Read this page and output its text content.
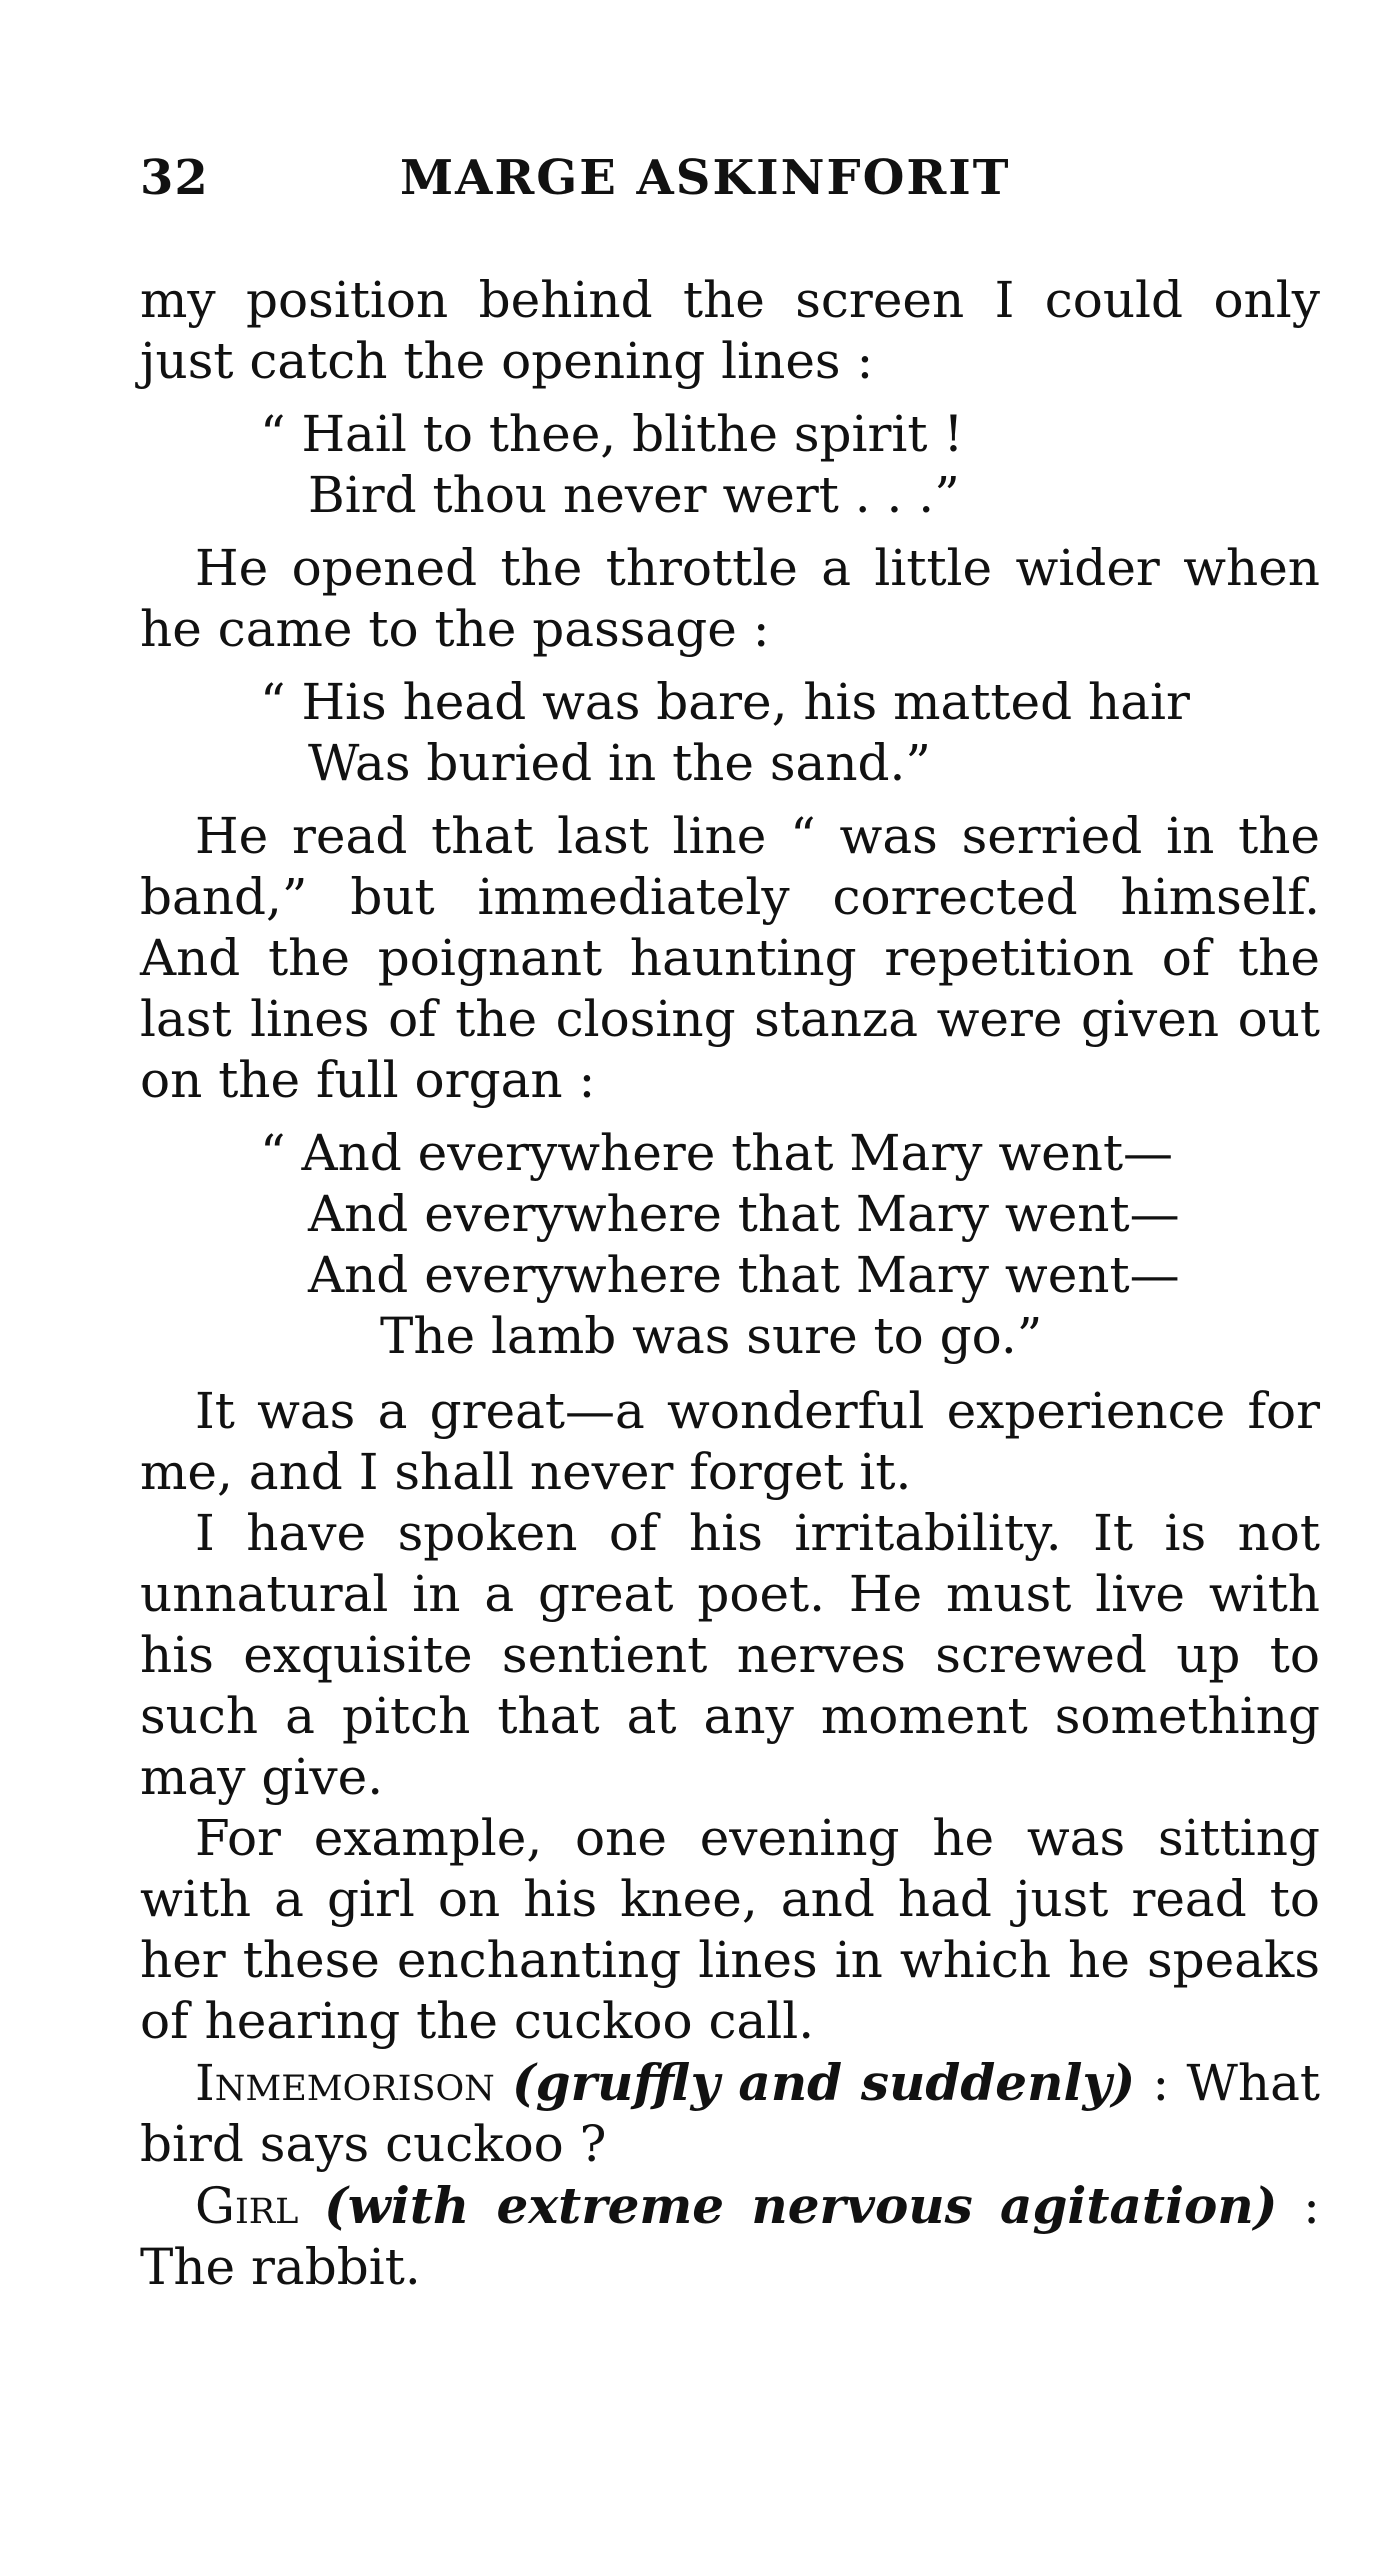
32	MARGE ASKINFORIT

my position behind the screen I could only just catch the opening lines :

“ Hail to thee, blithe spirit !
Bird thou never wert . . .”

He opened the throttle a little wider when he came to the passage :

“ His head was bare, his matted hair
Was buried in the sand.”

He read that last line “ was serried in the band,” but immediately corrected himself. And the poignant haunting repetition of the last lines of the closing stanza were given out on the full organ :

“ And everywhere that Mary went—
And everywhere that Mary went—
And everywhere that Mary went—
The lamb was sure to go.”

It was a great—a wonderful experience for me, and I shall never forget it.

I have spoken of his irritability. It is not unnatural in a great poet. He must live with his exquisite sentient nerves screwed up to such a pitch that at any moment something may give.

For example, one evening he was sitting with a girl on his knee, and had just read to her these enchanting lines in which he speaks of hearing the cuckoo call.

Inmemorison (gruffly and suddenly) : What bird says cuckoo ?

Girl (with extreme nervous agitation) : The rabbit.
